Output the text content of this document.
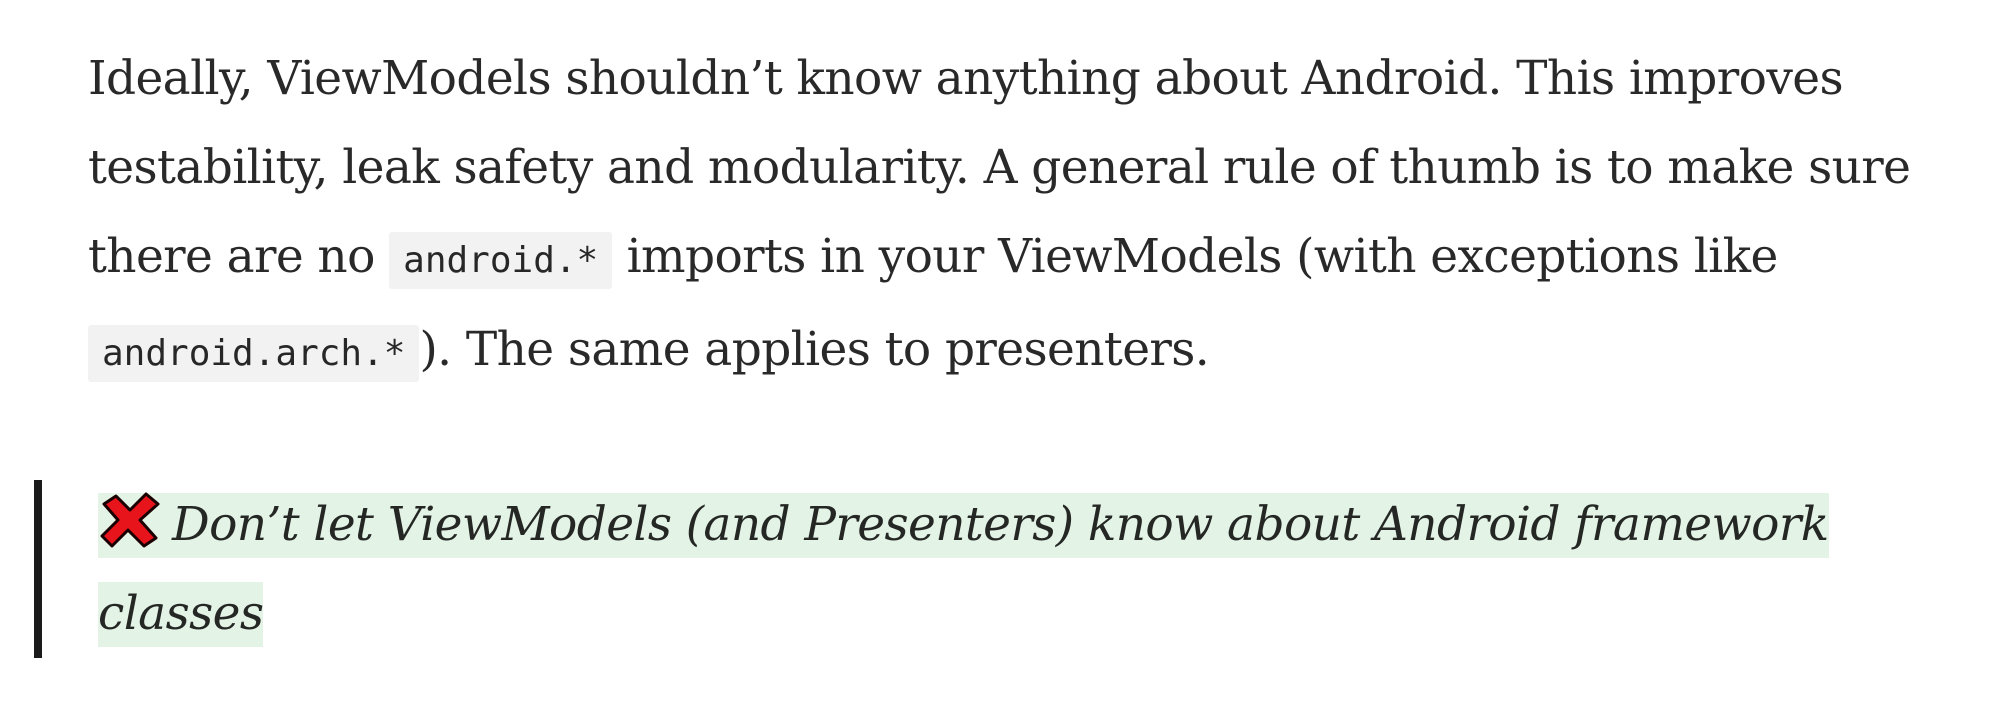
Ideally, ViewModels shouldn’t know anything about Android. This improves testability, leak safety and modularity. A general rule of thumb is to make sure there are no android.* imports in your ViewModels (with exceptions like android.arch.* ). The same applies to presenters.

Don’t let ViewModels (and Presenters) know about Android framework classes
